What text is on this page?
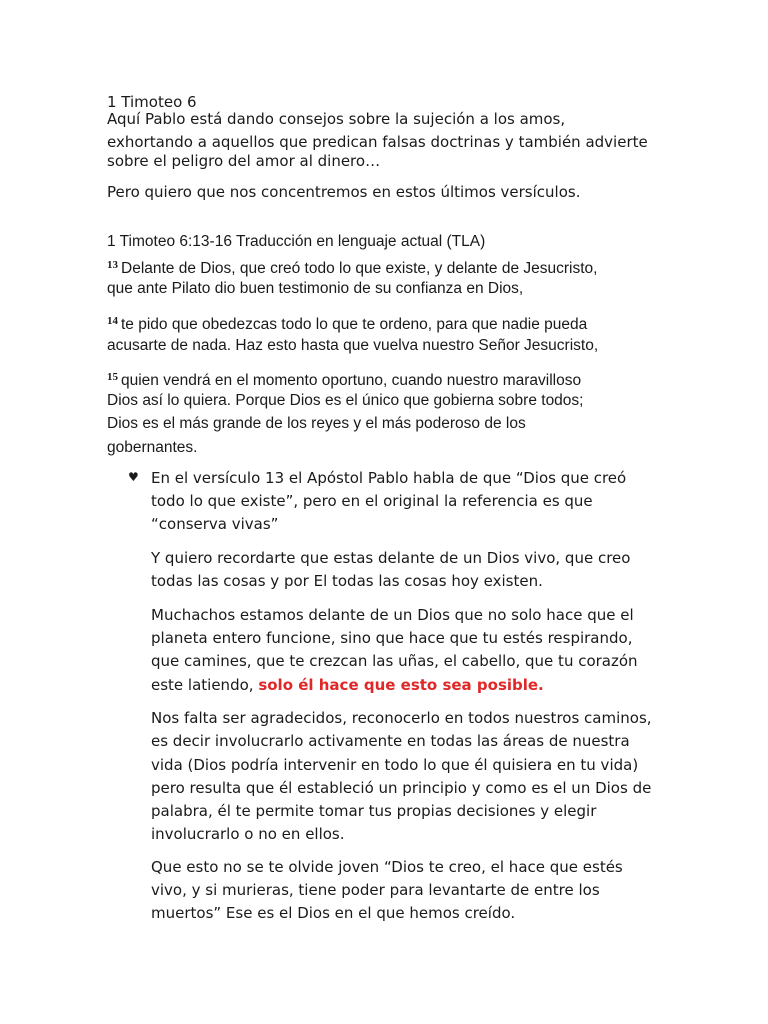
1 Timoteo 6
Aquí Pablo está dando consejos sobre la sujeción a los amos,
exhortando a aquellos que predican falsas doctrinas y también advierte
sobre el peligro del amor al dinero…
Pero quiero que nos concentremos en estos últimos versículos.
1 Timoteo 6:13-16 Traducción en lenguaje actual (TLA)
$^{13}$ Delante de Dios, que creó todo lo que existe, y delante de Jesucristo,
que ante Pilato dio buen testimonio de su confianza en Dios,
$^{14}$ te pido que obedezcas todo lo que te ordeno, para que nadie pueda
acusarte de nada. Haz esto hasta que vuelva nuestro Señor Jesucristo,
$^{15}$ quien vendrá en el momento oportuno, cuando nuestro maravilloso
Dios así lo quiera. Porque Dios es el único que gobierna sobre todos;
Dios es el más grande de los reyes y el más poderoso de los
gobernantes.
♥ En el versículo 13 el Apóstol Pablo habla de que “Dios que creó
todo lo que existe”, pero en el original la referencia es que
“conserva vivas”
Y quiero recordarte que estas delante de un Dios vivo, que creo
todas las cosas y por El todas las cosas hoy existen.
Muchachos estamos delante de un Dios que no solo hace que el
planeta entero funcione, sino que hace que tu estés respirando,
que camines, que te crezcan las uñas, el cabello, que tu corazón
este latiendo, solo él hace que esto sea posible.
Nos falta ser agradecidos, reconocerlo en todos nuestros caminos,
es decir involucrarlo activamente en todas las áreas de nuestra
vida (Dios podría intervenir en todo lo que él quisiera en tu vida)
pero resulta que él estableció un principio y como es el un Dios de
palabra, él te permite tomar tus propias decisiones y elegir
involucrarlo o no en ellos.
Que esto no se te olvide joven “Dios te creo, el hace que estés
vivo, y si murieras, tiene poder para levantarte de entre los
muertos” Ese es el Dios en el que hemos creído.
